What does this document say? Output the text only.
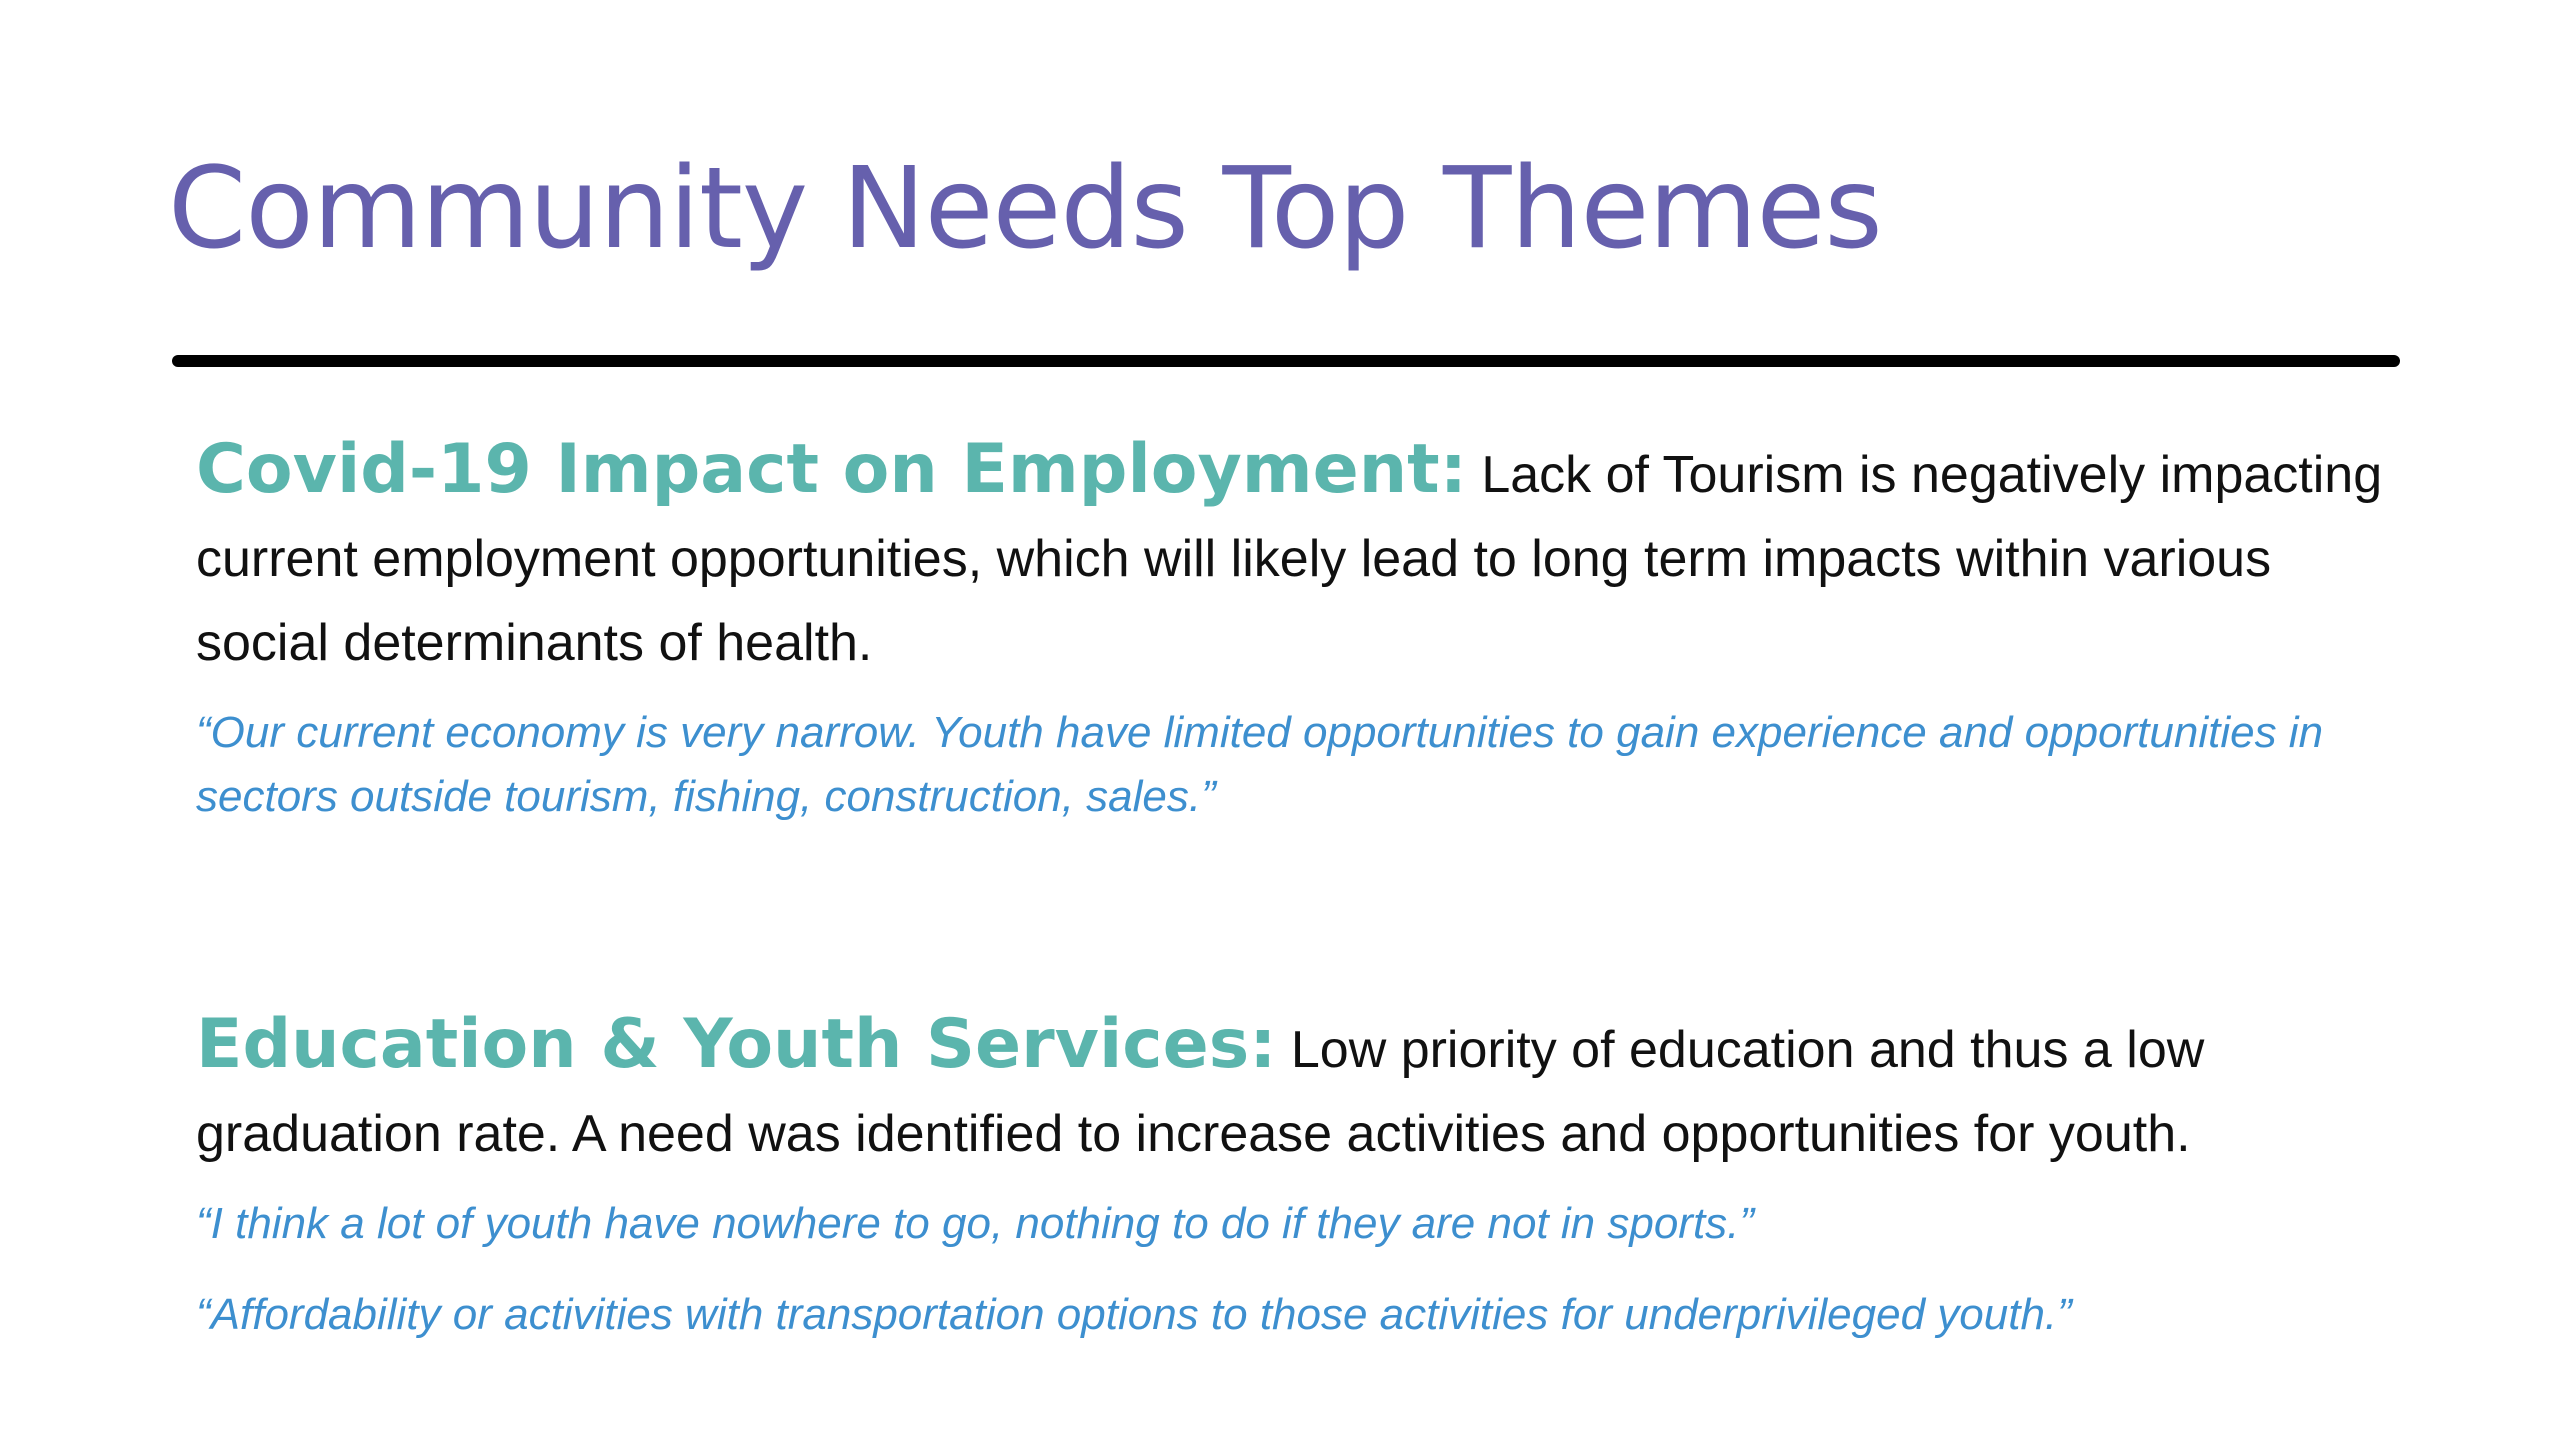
Community Needs Top Themes

Covid-19 Impact on Employment: Lack of Tourism is negatively impacting current employment opportunities, which will likely lead to long term impacts within various social determinants of health.

“Our current economy is very narrow. Youth have limited opportunities to gain experience and opportunities in sectors outside tourism, fishing, construction, sales.”

Education & Youth Services: Low priority of education and thus a low graduation rate. A need was identified to increase activities and opportunities for youth.

“I think a lot of youth have nowhere to go, nothing to do if they are not in sports.”

“Affordability or activities with transportation options to those activities for underprivileged youth.”
